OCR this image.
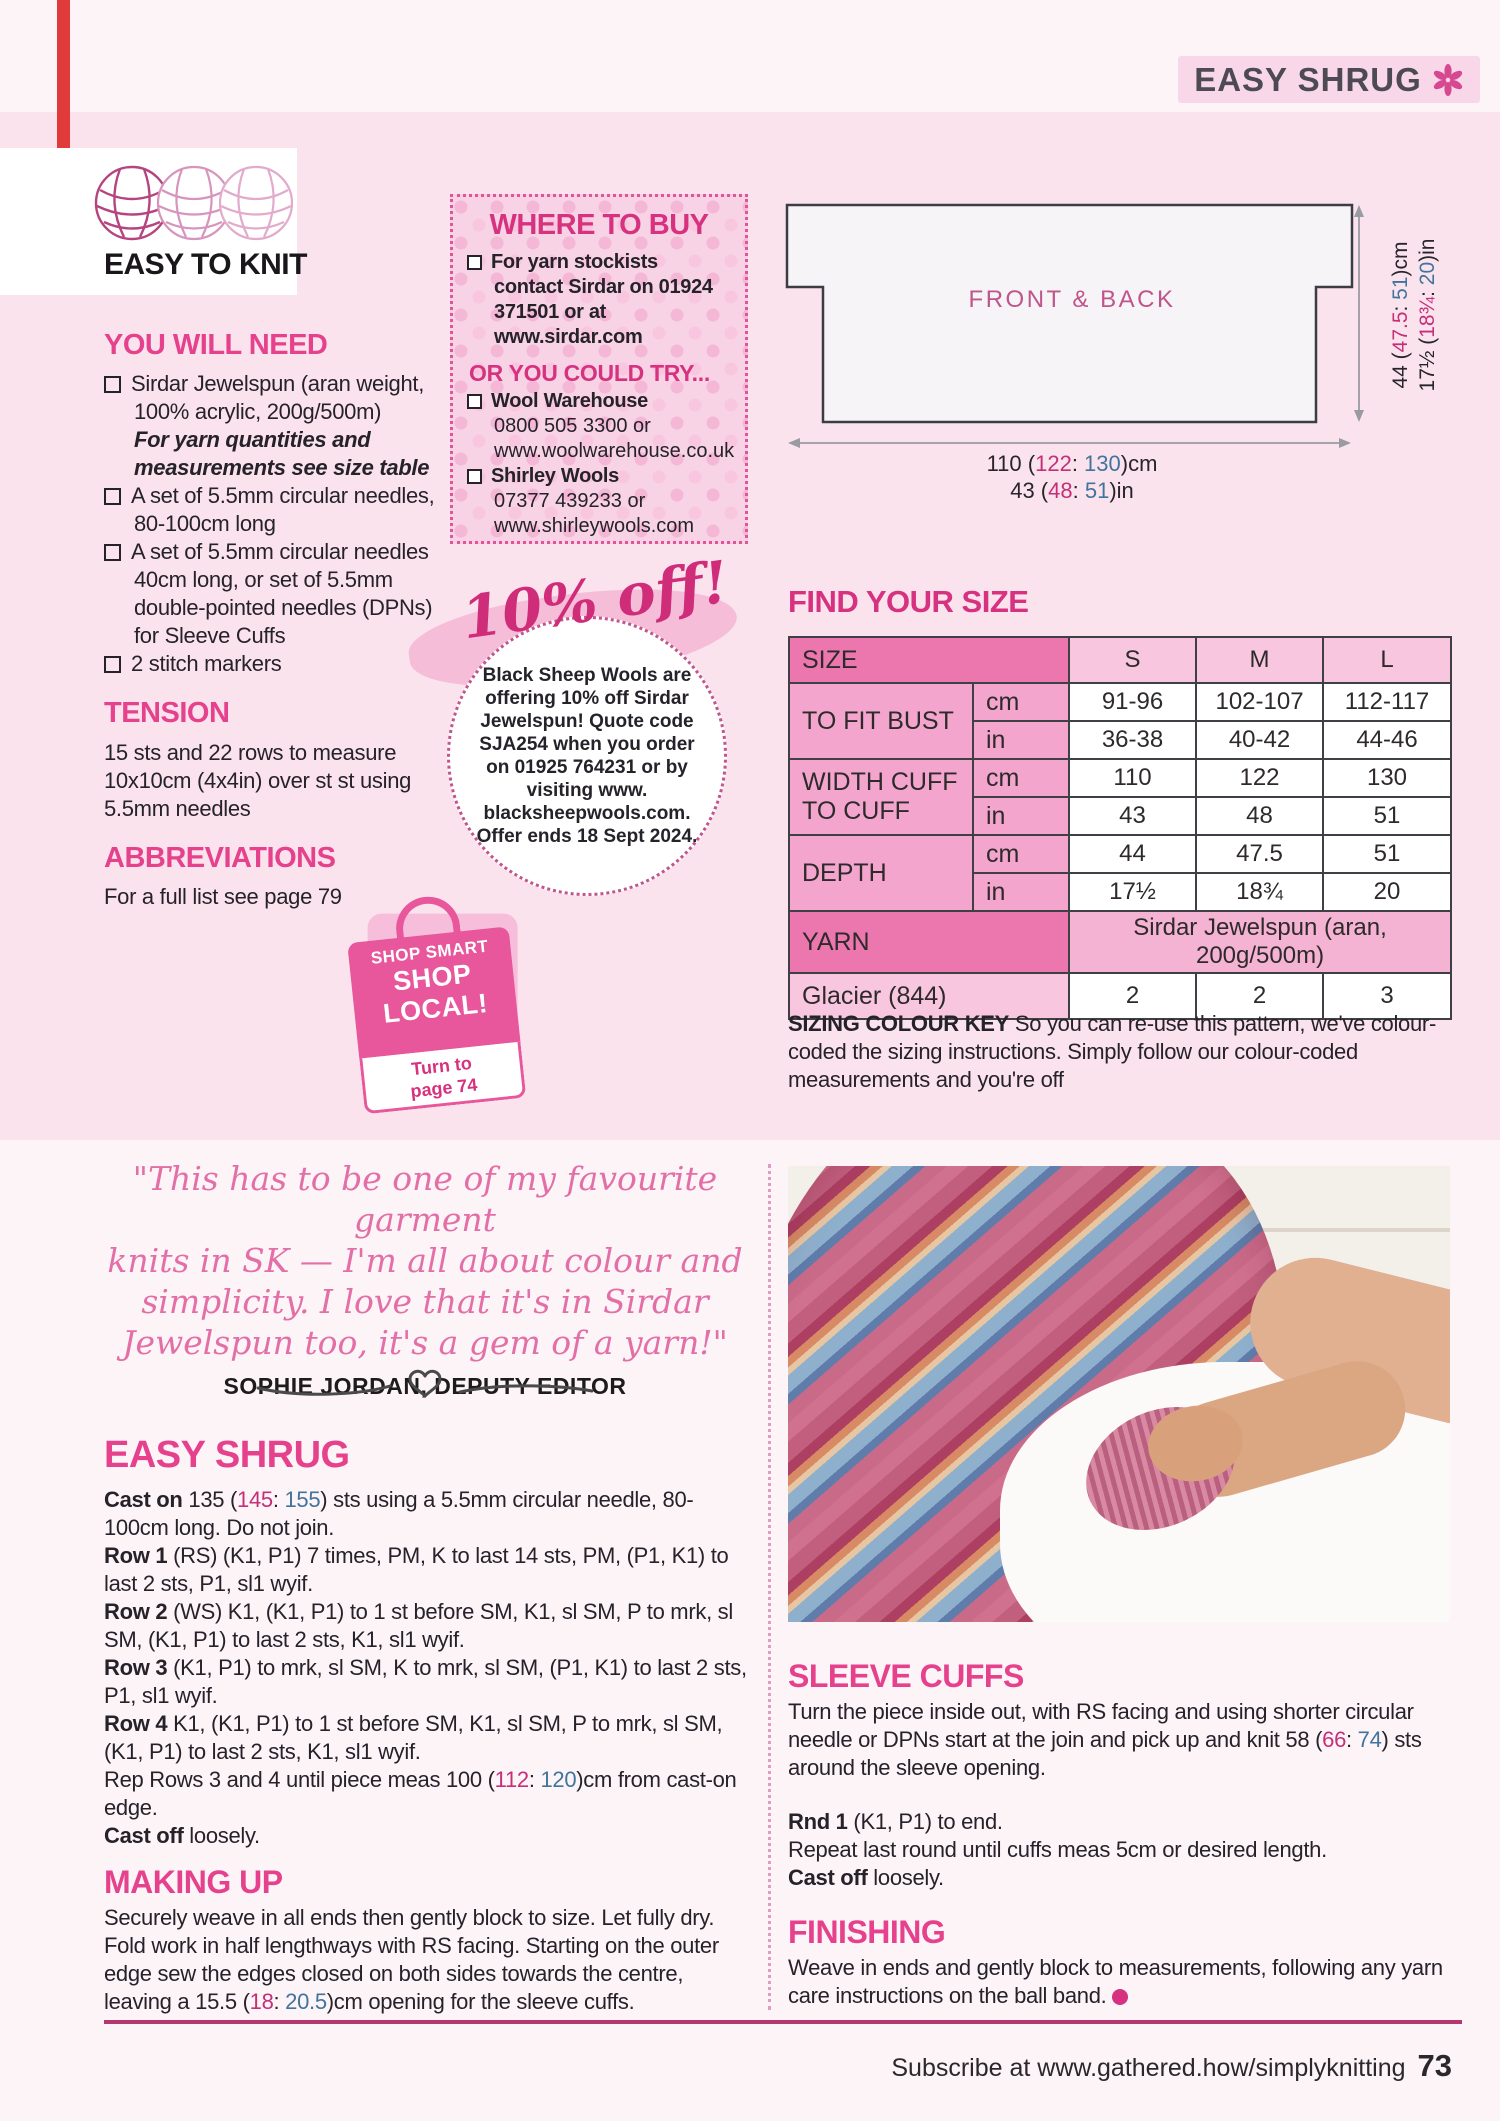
EASY SHRUG
EASY TO KNIT
YOU WILL NEED
Sirdar Jewelspun (aran weight, 100% acrylic, 200g/500m)
For yarn quantities and measurements see size table
A set of 5.5mm circular needles, 80-100cm long
A set of 5.5mm circular needles 40cm long, or set of 5.5mm double-pointed needles (DPNs) for Sleeve Cuffs
2 stitch markers
TENSION
15 sts and 22 rows to measure 10x10cm (4x4in) over st st using 5.5mm needles
ABBREVIATIONS
For a full list see page 79
WHERE TO BUY
For yarn stockists contact Sirdar on 01924 371501 or at www.sirdar.com
OR YOU COULD TRY...
Wool Warehouse
0800 505 3300 or
www.woolwarehouse.co.uk
Shirley Wools
07377 439233 or
www.shirleywools.com
10% off!
Black Sheep Wools are offering 10% off Sirdar Jewelspun! Quote code SJA254 when you order on 01925 764231 or by visiting www. blacksheepwools.com. Offer ends 18 Sept 2024.
SHOP SMART
SHOP
LOCAL!
Turn to
page 74
FRONT & BACK
110 (122: 130)cm
43 (48: 51)in
44 (47.5: 51)cm
17½ (18¾: 20)in
FIND YOUR SIZE
SIZE		S	M	L
TO FIT BUST	cm	91-96	102-107	112-117
	in	36-38	40-42	44-46
WIDTH CUFF TO CUFF	cm	110	122	130
	in	43	48	51
DEPTH	cm	44	47.5	51
	in	17½	18¾	20
YARN		Sirdar Jewelspun (aran, 200g/500m)		
Glacier (844)		2	2	3
SIZING COLOUR KEY So you can re-use this pattern, we've colour-coded the sizing instructions. Simply follow our colour-coded measurements and you're off
"This has to be one of my favourite garment
knits in SK — I'm all about colour and
simplicity. I love that it's in Sirdar
Jewelspun too, it's a gem of a yarn!"
SOPHIE JORDAN, DEPUTY EDITOR
EASY SHRUG

Cast on 135 (145: 155) sts using a 5.5mm circular needle, 80-100cm long. Do not join.

Row 1 (RS) (K1, P1) 7 times, PM, K to last 14 sts, PM, (P1, K1) to last 2 sts, P1, sl1 wyif.

Row 2 (WS) K1, (K1, P1) to 1 st before SM, K1, sl SM, P to mrk, sl SM, (K1, P1) to last 2 sts, K1, sl1 wyif.

Row 3 (K1, P1) to mrk, sl SM, K to mrk, sl SM, (P1, K1) to last 2 sts, P1, sl1 wyif.

Row 4 K1, (K1, P1) to 1 st before SM, K1, sl SM, P to mrk, sl SM, (K1, P1) to last 2 sts, K1, sl1 wyif.

Rep Rows 3 and 4 until piece meas 100 (112: 120)cm from cast-on edge.

Cast off loosely.

MAKING UP

Securely weave in all ends then gently block to size. Let fully dry. Fold work in half lengthways with RS facing. Starting on the outer edge sew the edges closed on both sides towards the centre, leaving a 15.5 (18: 20.5)cm opening for the sleeve cuffs.

SLEEVE CUFFS

Turn the piece inside out, with RS facing and using shorter circular needle or DPNs start at the join and pick up and knit 58 (66: 74) sts around the sleeve opening.

Rnd 1 (K1, P1) to end.

Repeat last round until cuffs meas 5cm or desired length.

Cast off loosely.

FINISHING

Weave in ends and gently block to measurements, following any yarn care instructions on the ball band.

Subscribe at www.gathered.how/simplyknitting 73
